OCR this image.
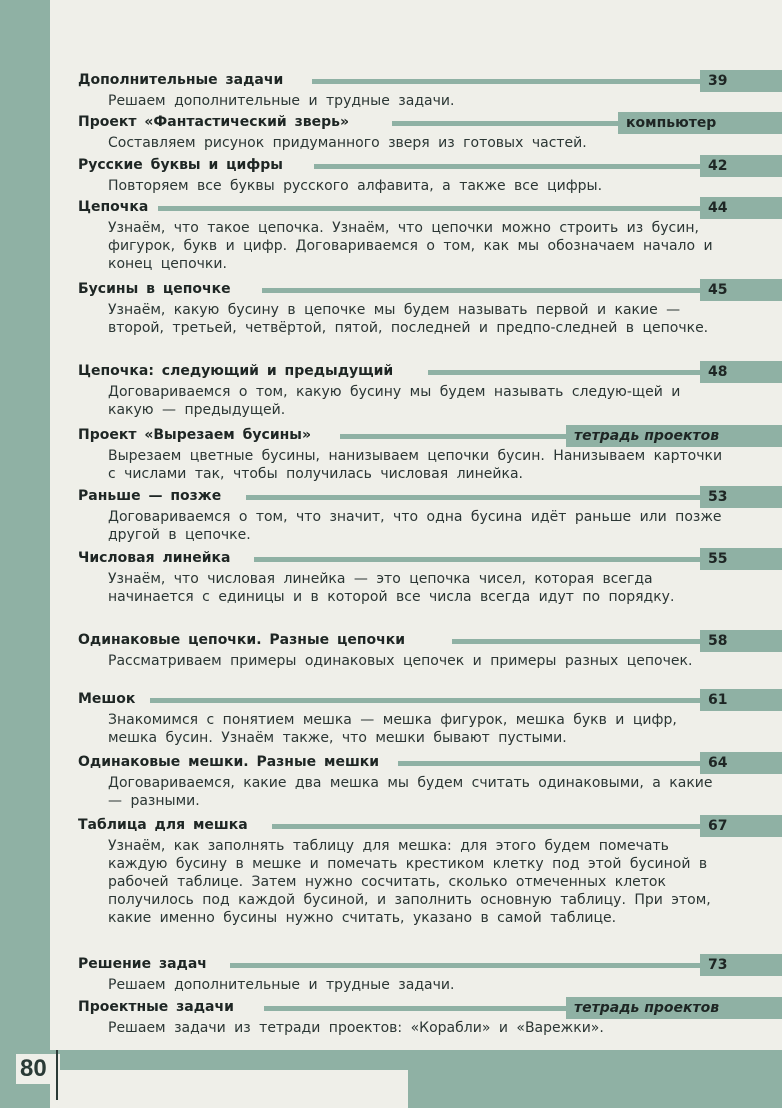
Дополнительные задачи	39
Решаем дополнительные и трудные задачи.
Проект «Фантастический зверь»	компьютер
Составляем рисунок придуманного зверя из готовых частей.
Русские буквы и цифры	42
Повторяем все буквы русского алфавита, а также все цифры.
Цепочка	44
Узнаём, что такое цепочка. Узнаём, что цепочки можно строить из бусин, фигурок, букв и цифр. Договариваемся о том, как мы обозначаем начало и конец цепочки.
Бусины в цепочке	45
Узнаём, какую бусину в цепочке мы будем называть первой и какие — второй, третьей, четвёртой, пятой, последней и предпо-следней в цепочке.
Цепочка: следующий и предыдущий	48
Договариваемся о том, какую бусину мы будем называть следую-щей и какую — предыдущей.
Проект «Вырезаем бусины»	тетрадь проектов
Вырезаем цветные бусины, нанизываем цепочки бусин. Нанизываем карточки с числами так, чтобы получилась числовая линейка.
Раньше — позже	53
Договариваемся о том, что значит, что одна бусина идёт раньше или позже другой в цепочке.
Числовая линейка	55
Узнаём, что числовая линейка — это цепочка чисел, которая всегда начинается с единицы и в которой все числа всегда идут по порядку.
Одинаковые цепочки. Разные цепочки	58
Рассматриваем примеры одинаковых цепочек и примеры разных цепочек.
Мешок	61
Знакомимся с понятием мешка — мешка фигурок, мешка букв и цифр, мешка бусин. Узнаём также, что мешки бывают пустыми.
Одинаковые мешки. Разные мешки	64
Договариваемся, какие два мешка мы будем считать одинаковыми, а какие — разными.
Таблица для мешка	67
Узнаём, как заполнять таблицу для мешка: для этого будем помечать каждую бусину в мешке и помечать крестиком клетку под этой бусиной в рабочей таблице. Затем нужно сосчитать, сколько отмеченных клеток получилось под каждой бусиной, и заполнить основную таблицу. При этом, какие именно бусины нужно считать, указано в самой таблице.
Решение задач	73
Решаем дополнительные и трудные задачи.
Проектные задачи	тетрадь проектов
Решаем задачи из тетради проектов: «Корабли» и «Варежки».
80
